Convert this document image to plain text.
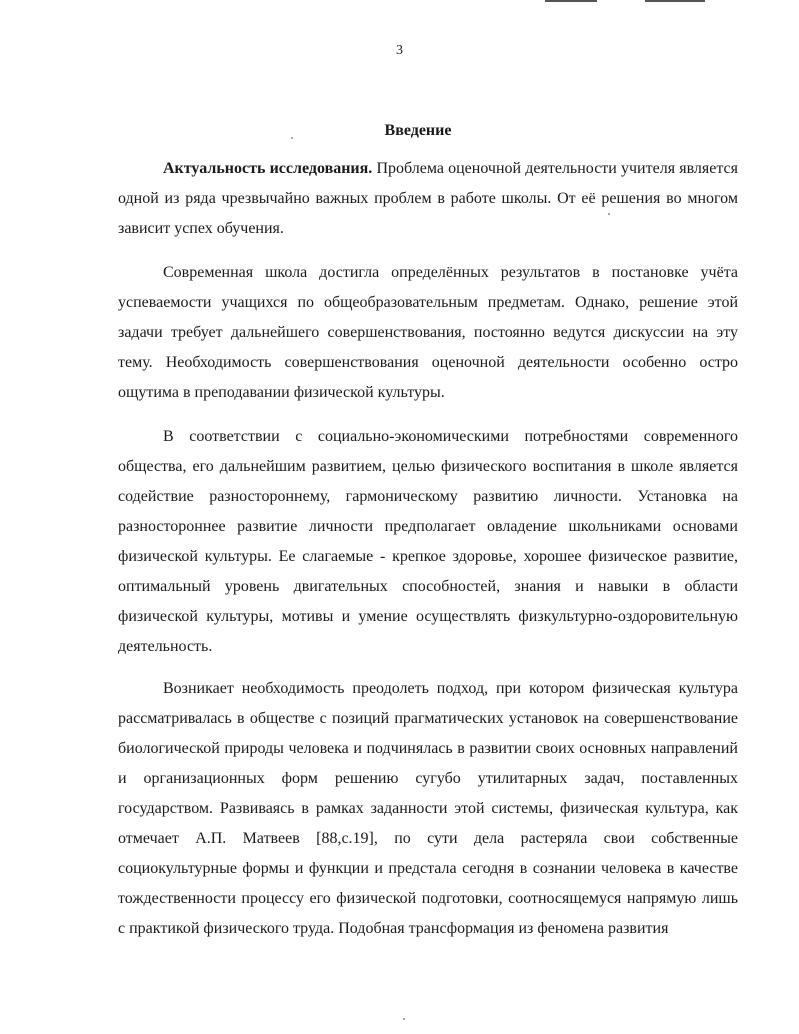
3
Введение

Актуальность исследования. Проблема оценочной деятельности учителя является одной из ряда чрезвычайно важных проблем в работе школы. От её решения во многом зависит успех обучения.

Современная школа достигла определённых результатов в постановке учёта успеваемости учащихся по общеобразовательным предметам. Однако, решение этой задачи требует дальнейшего совершенствования, постоянно ведутся дискуссии на эту тему. Необходимость совершенствования оценочной деятельности особенно остро ощутима в преподавании физической культуры.

В соответствии с социально-экономическими потребностями современного общества, его дальнейшим развитием, целью физического воспитания в школе является содействие разностороннему, гармоническому развитию личности. Установка на разностороннее развитие личности предполагает овладение школьниками основами физической культуры. Ее слагаемые - крепкое здоровье, хорошее физическое развитие, оптимальный уровень двигательных способностей, знания и навыки в области физической культуры, мотивы и умение осуществлять физкультурно-оздоровительную деятельность.

Возникает необходимость преодолеть подход, при котором физическая культура рассматривалась в обществе с позиций прагматических установок на совершенствование биологической природы человека и подчинялась в развитии своих основных направлений и организационных форм решению сугубо утилитарных задач, поставленных государством. Развиваясь в рамках заданности этой системы, физическая культура, как отмечает А.П. Матвеев [88,с.19], по сути дела растеряла свои собственные социокультурные формы и функции и предстала сегодня в сознании человека в качестве тождественности процессу его физической подготовки, соотносящемуся напрямую лишь с практикой физического труда. Подобная трансформация из феномена развития
